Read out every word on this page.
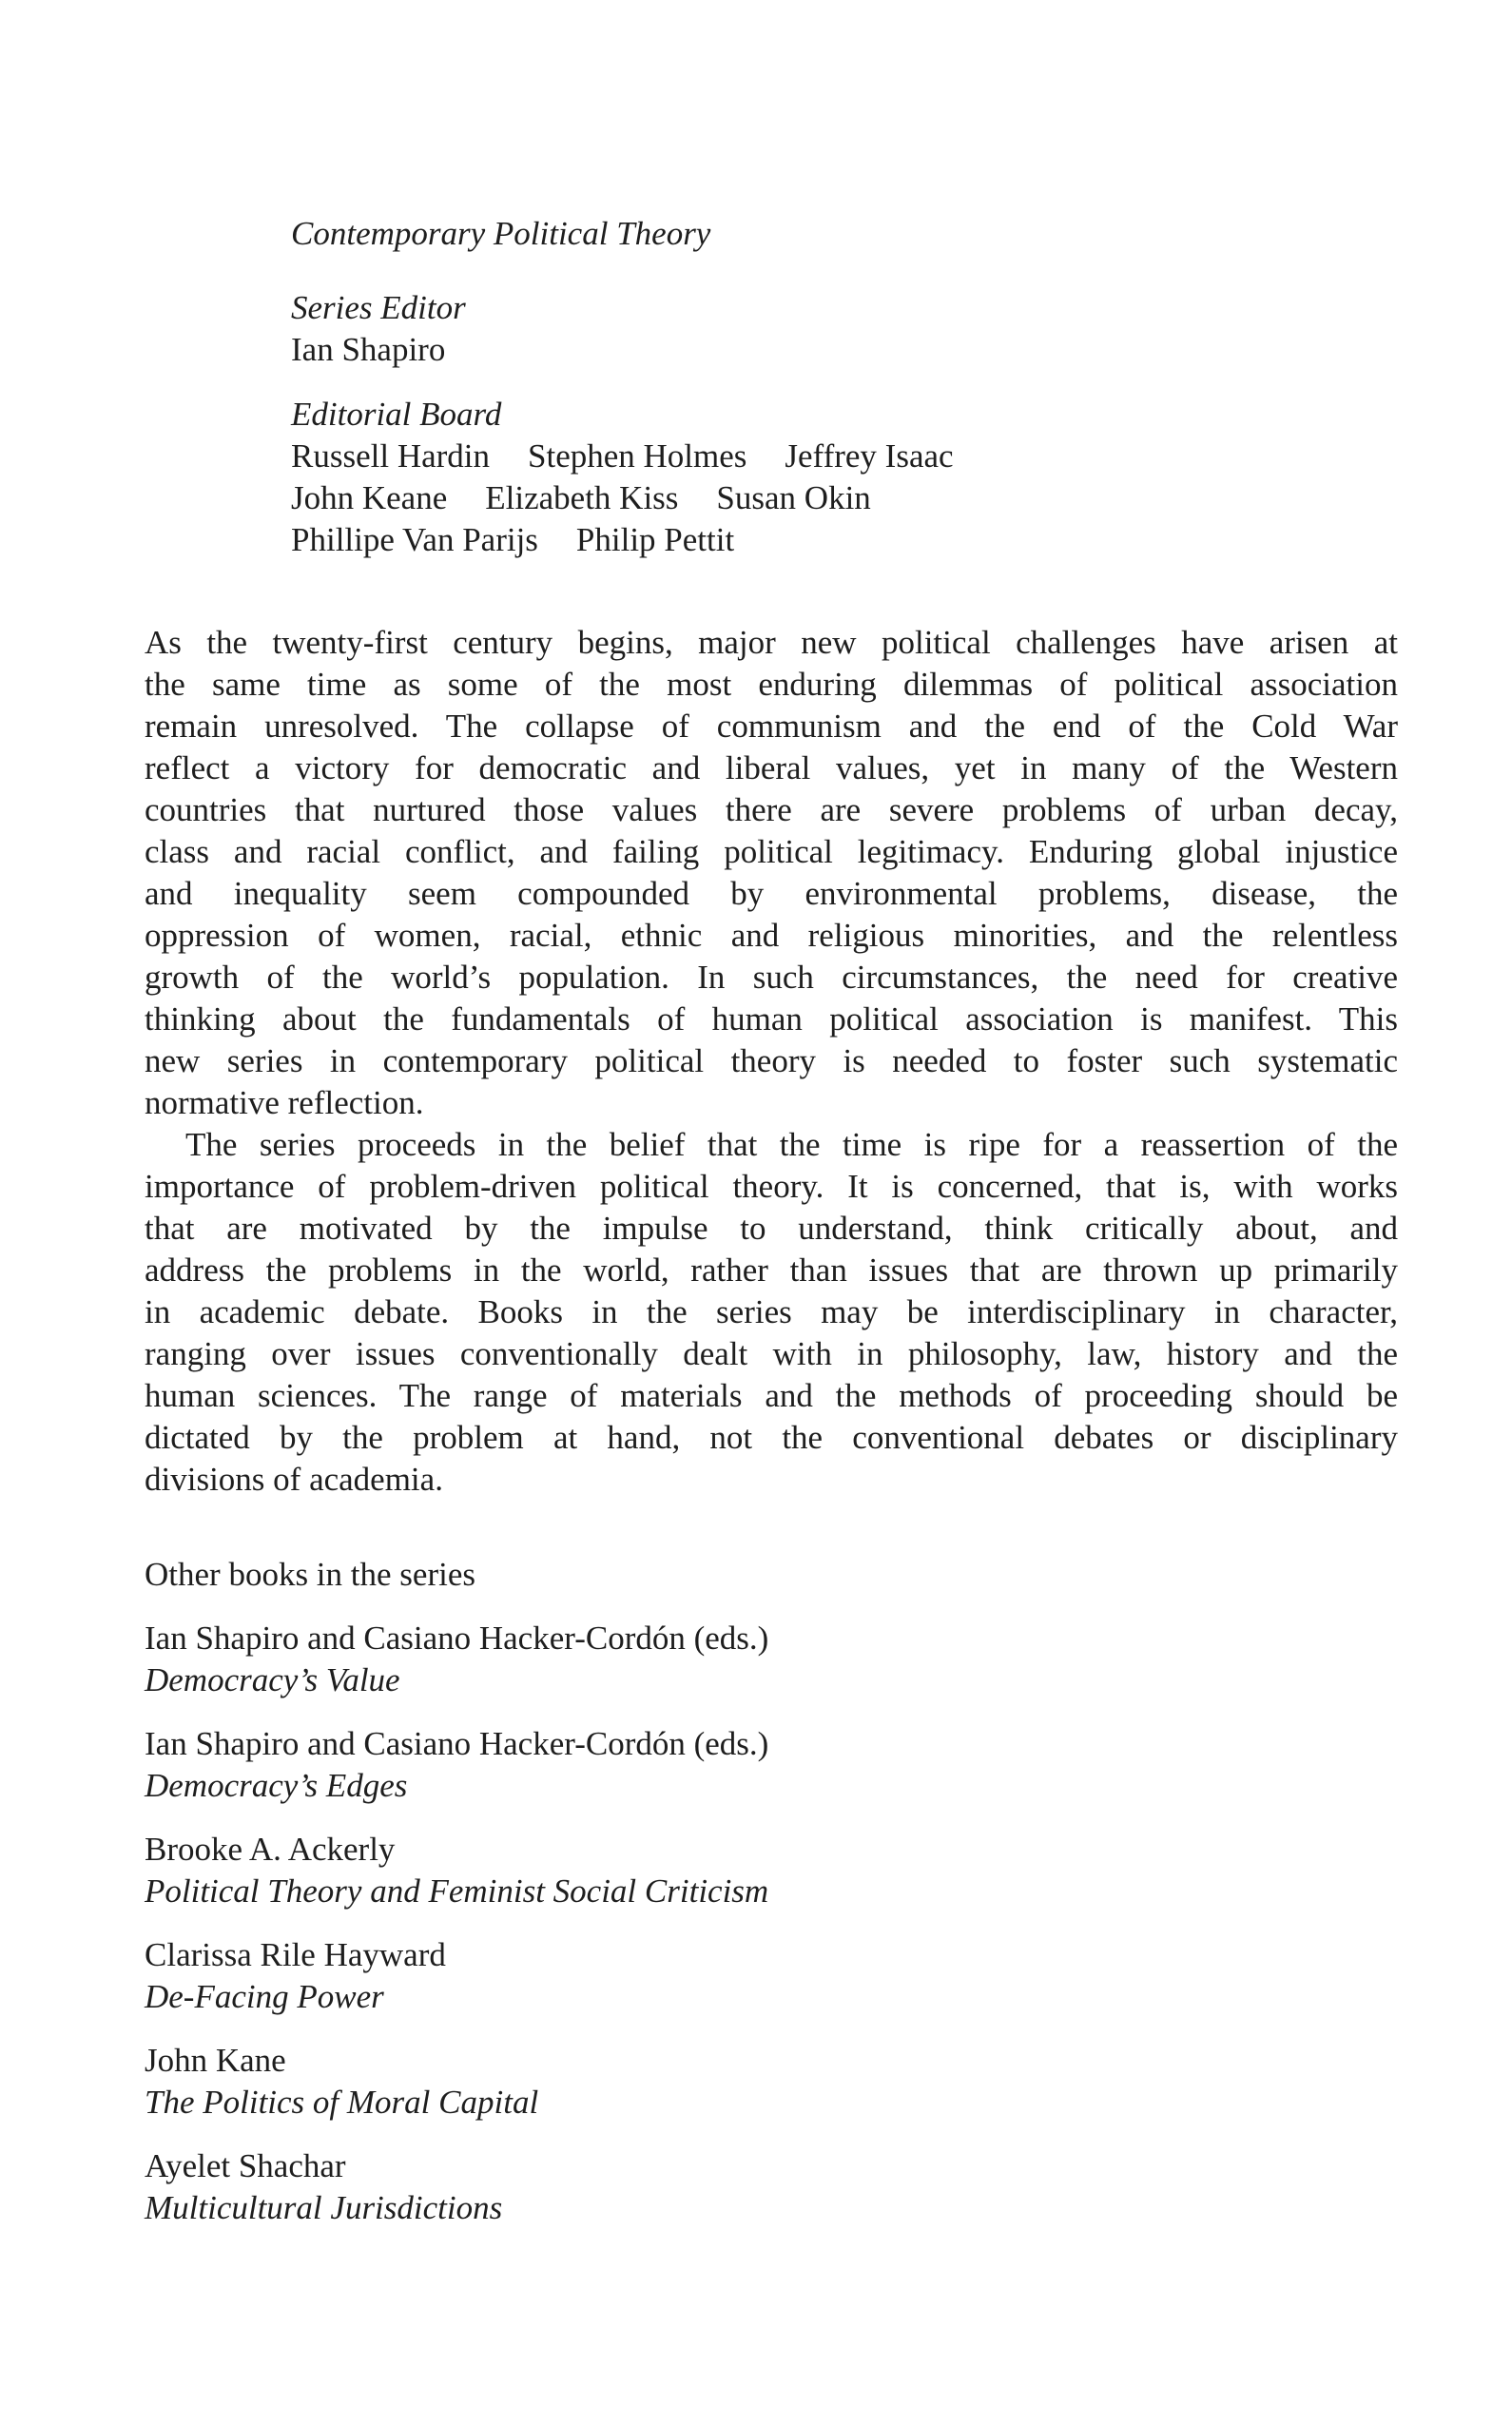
Contemporary Political Theory
Series Editor
Ian Shapiro
Editorial Board
Russell Hardin Stephen Holmes Jeffrey Isaac
John Keane Elizabeth Kiss Susan Okin
Phillipe Van Parijs Philip Pettit
As the twenty-first century begins, major new political challenges have arisen at
the same time as some of the most enduring dilemmas of political association
remain unresolved. The collapse of communism and the end of the Cold War
reflect a victory for democratic and liberal values, yet in many of the Western
countries that nurtured those values there are severe problems of urban decay,
class and racial conflict, and failing political legitimacy. Enduring global injustice
and inequality seem compounded by environmental problems, disease, the
oppression of women, racial, ethnic and religious minorities, and the relentless
growth of the world’s population. In such circumstances, the need for creative
thinking about the fundamentals of human political association is manifest. This
new series in contemporary political theory is needed to foster such systematic
normative reflection.
The series proceeds in the belief that the time is ripe for a reassertion of the
importance of problem-driven political theory. It is concerned, that is, with works
that are motivated by the impulse to understand, think critically about, and
address the problems in the world, rather than issues that are thrown up primarily
in academic debate. Books in the series may be interdisciplinary in character,
ranging over issues conventionally dealt with in philosophy, law, history and the
human sciences. The range of materials and the methods of proceeding should be
dictated by the problem at hand, not the conventional debates or disciplinary
divisions of academia.
Other books in the series
Ian Shapiro and Casiano Hacker-Cordón (eds.)
Democracy’s Value
Ian Shapiro and Casiano Hacker-Cordón (eds.)
Democracy’s Edges
Brooke A. Ackerly
Political Theory and Feminist Social Criticism
Clarissa Rile Hayward
De-Facing Power
John Kane
The Politics of Moral Capital
Ayelet Shachar
Multicultural Jurisdictions
